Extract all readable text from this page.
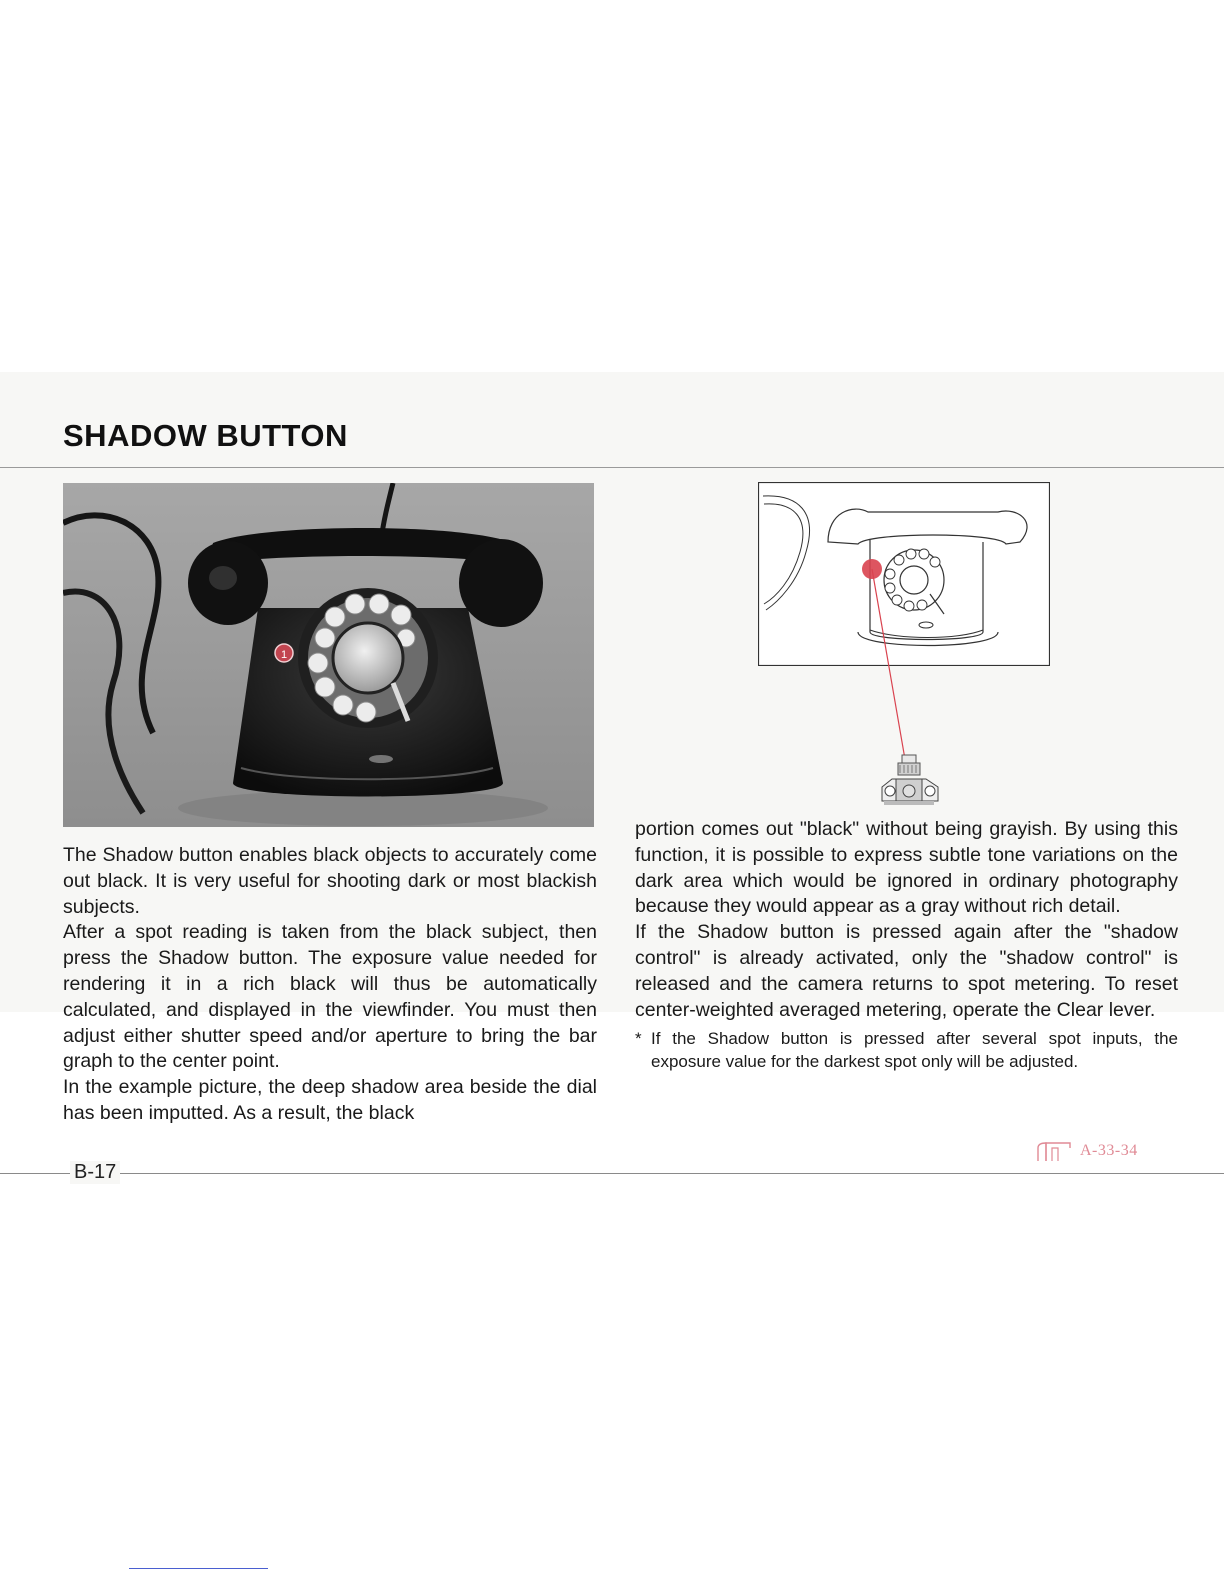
SHADOW BUTTON
1

The Shadow button enables black objects to accurately come out black. It is very useful for shooting dark or most blackish subjects.

After a spot reading is taken from the black subject, then press the Shadow button. The exposure value needed for rendering it in a rich black will thus be automatically calculated, and displayed in the viewfinder. You must then adjust either shutter speed and/or aperture to bring the bar graph to the center point.

In the example picture, the deep shadow area beside the dial has been imputted. As a result, the black

portion comes out "black" without being grayish. By using this function, it is possible to express subtle tone variations on the dark area which would be ignored in ordinary photography because they would appear as a gray without rich detail.

If the Shadow button is pressed again after the "shadow control" is already activated, only the "shadow control" is released and the camera returns to spot metering. To reset center-weighted averaged metering, operate the Clear lever.

* If the Shadow button is pressed after several spot inputs, the exposure value for the darkest spot only will be adjusted.

A-33-34
B-17
